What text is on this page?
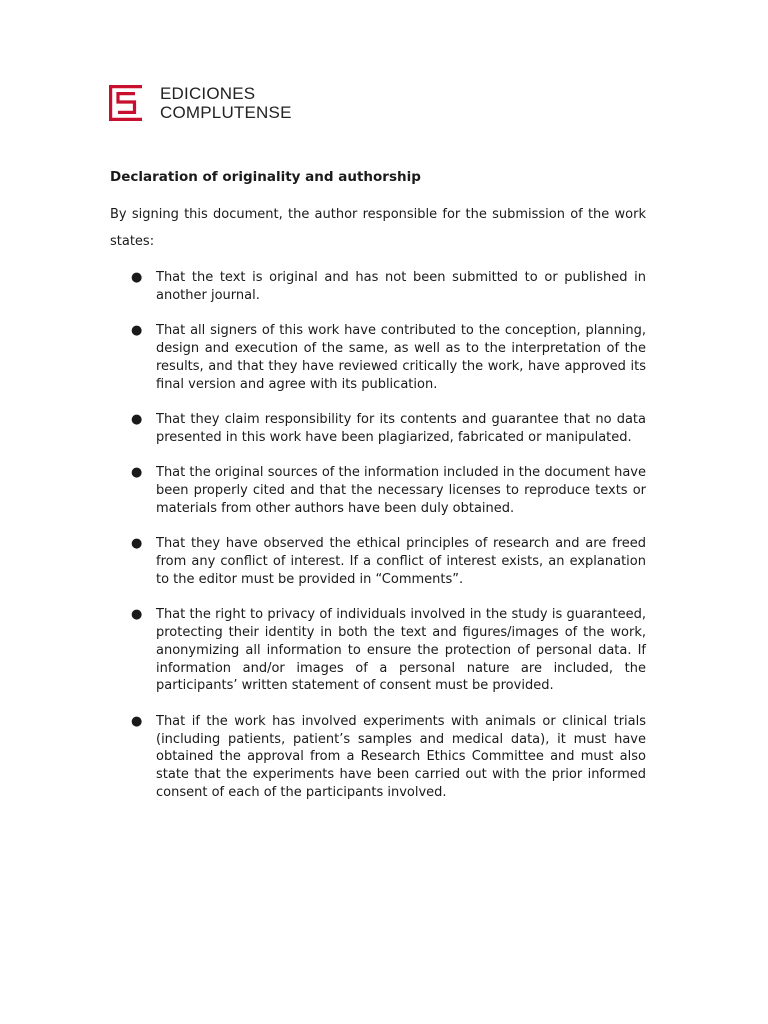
EDICIONES
COMPLUTENSE
Declaration of originality and authorship

By signing this document, the author responsible for the submission of the work states:

● That the text is original and has not been submitted to or published in another journal.
● That all signers of this work have contributed to the conception, planning, design and execution of the same, as well as to the interpretation of the results, and that they have reviewed critically the work, have approved its final version and agree with its publication.
● That they claim responsibility for its contents and guarantee that no data presented in this work have been plagiarized, fabricated or manipulated.
● That the original sources of the information included in the document have been properly cited and that the necessary licenses to reproduce texts or materials from other authors have been duly obtained.
● That they have observed the ethical principles of research and are freed from any conflict of interest. If a conflict of interest exists, an explanation to the editor must be provided in “Comments”.
● That the right to privacy of individuals involved in the study is guaranteed, protecting their identity in both the text and figures/images of the work, anonymizing all information to ensure the protection of personal data. If information and/or images of a personal nature are included, the participants’ written statement of consent must be provided.
● That if the work has involved experiments with animals or clinical trials (including patients, patient’s samples and medical data), it must have obtained the approval from a Research Ethics Committee and must also state that the experiments have been carried out with the prior informed consent of each of the participants involved.
